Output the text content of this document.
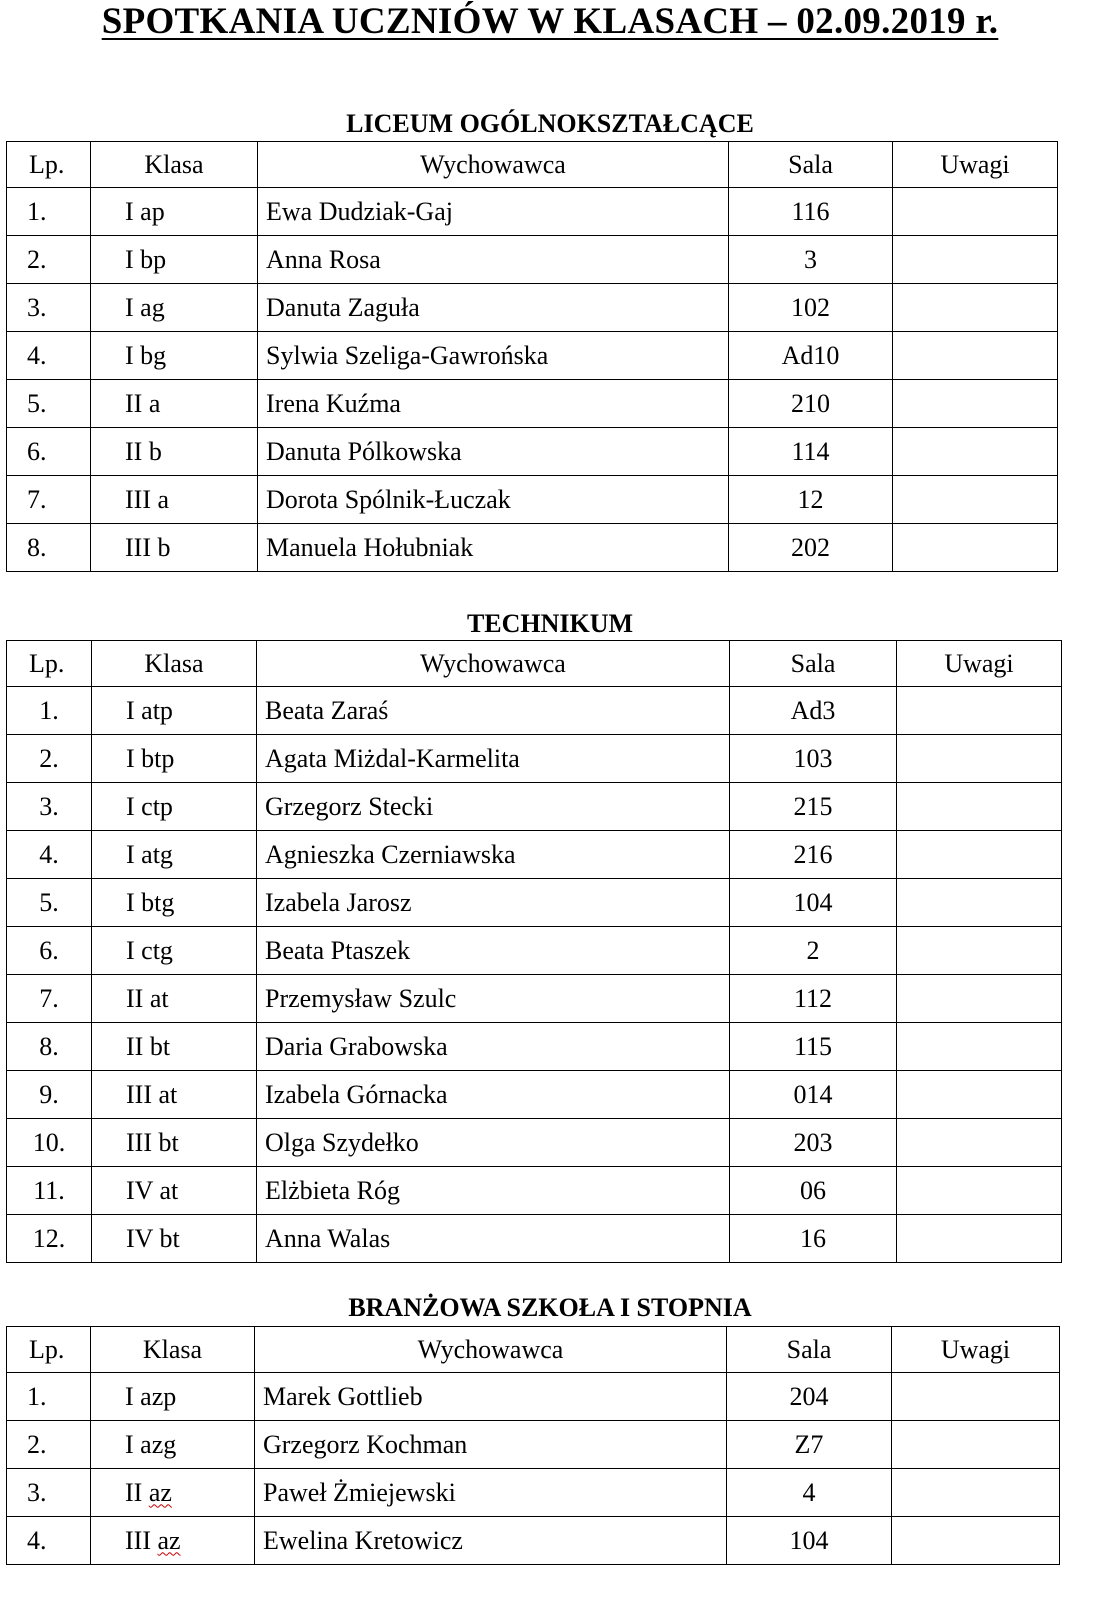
SPOTKANIA UCZNIÓW W KLASACH – 02.09.2019 r.
LICEUM OGÓLNOKSZTAŁCĄCE
Lp.	Klasa	Wychowawca	Sala	Uwagi
1.	I ap	Ewa Dudziak-Gaj	116	
2.	I bp	Anna Rosa	3	
3.	I ag	Danuta Zaguła	102	
4.	I bg	Sylwia Szeliga-Gawrońska	Ad10	
5.	II a	Irena Kuźma	210	
6.	II b	Danuta Pólkowska	114	
7.	III a	Dorota Spólnik-Łuczak	12	
8.	III b	Manuela Hołubniak	202	
TECHNIKUM
Lp.	Klasa	Wychowawca	Sala	Uwagi
1.	I atp	Beata Zaraś	Ad3	
2.	I btp	Agata Miżdal-Karmelita	103	
3.	I ctp	Grzegorz Stecki	215	
4.	I atg	Agnieszka Czerniawska	216	
5.	I btg	Izabela Jarosz	104	
6.	I ctg	Beata Ptaszek	2	
7.	II at	Przemysław Szulc	112	
8.	II bt	Daria Grabowska	115	
9.	III at	Izabela Górnacka	014	
10.	III bt	Olga Szydełko	203	
11.	IV at	Elżbieta Róg	06	
12.	IV bt	Anna Walas	16	
BRANŻOWA SZKOŁA I STOPNIA
Lp.	Klasa	Wychowawca	Sala	Uwagi
1.	I azp	Marek Gottlieb	204	
2.	I azg	Grzegorz Kochman	Z7	
3.	II az	Paweł Żmiejewski	4	
4.	III az	Ewelina Kretowicz	104	
